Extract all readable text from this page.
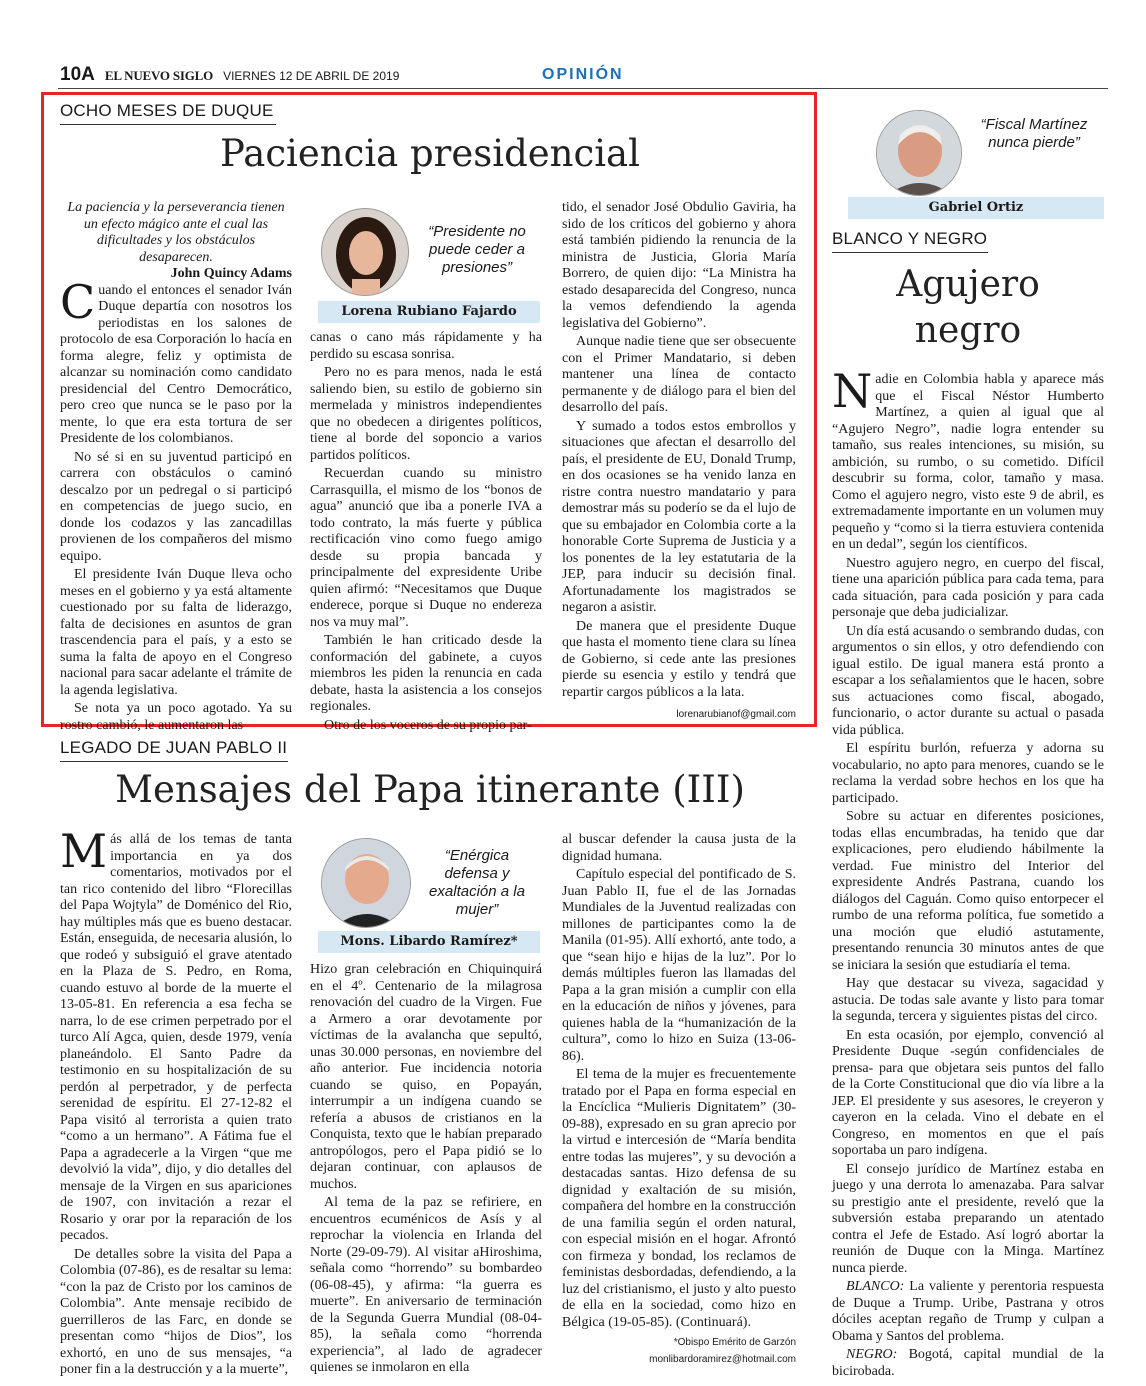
10A EL NUEVO SIGLO VIERNES 12 DE ABRIL DE 2019	OPINIÓN
OCHO MESES DE DUQUE
Paciencia presidencial
La paciencia y la perseverancia tienen un efecto mágico ante el cual las dificultades y los obstáculos desaparecen.
John Quincy Adams

Cuando el entonces el senador Iván Duque departía con nosotros los periodistas en los salones de protocolo de esa Corporación lo hacía en forma alegre, feliz y optimista de alcanzar su nominación como candidato presidencial del Centro Democrático, pero creo que nunca se le paso por la mente, lo que era esta tortura de ser Presidente de los colombianos.

No sé si en su juventud participó en carrera con obstáculos o caminó descalzo por un pedregal o si participó en competencias de juego sucio, en donde los codazos y las zancadillas provienen de los compañeros del mismo equipo.

El presidente Iván Duque lleva ocho meses en el gobierno y ya está altamente cuestionado por su falta de liderazgo, falta de decisiones en asuntos de gran trascendencia para el país, y a esto se suma la falta de apoyo en el Congreso nacional para sacar adelante el trámite de la agenda legislativa.

Se nota ya un poco agotado. Ya su rostro cambió, le aumentaron las

“Presidente no puede ceder a presiones”
Lorena Rubiano Fajardo

canas o cano más rápidamente y ha perdido su escasa sonrisa.

Pero no es para menos, nada le está saliendo bien, su estilo de gobierno sin mermelada y ministros independientes que no obedecen a dirigentes políticos, tiene al borde del soponcio a varios partidos políticos.

Recuerdan cuando su ministro Carrasquilla, el mismo de los “bonos de agua” anunció que iba a ponerle IVA a todo contrato, la más fuerte y pública rectificación vino como fuego amigo desde su propia bancada y principalmente del expresidente Uribe quien afirmó: “Necesitamos que Duque enderece, porque si Duque no endereza nos va muy mal”.

También le han criticado desde la conformación del gabinete, a cuyos miembros les piden la renuncia en cada debate, hasta la asistencia a los consejos regionales.

Otro de los voceros de su propio par-

tido, el senador José Obdulio Gaviria, ha sido de los críticos del gobierno y ahora está también pidiendo la renuncia de la ministra de Justicia, Gloria María Borrero, de quien dijo: “La Ministra ha estado desaparecida del Congreso, nunca la vemos defendiendo la agenda legislativa del Gobierno”.

Aunque nadie tiene que ser obsecuente con el Primer Mandatario, si deben mantener una línea de contacto permanente y de diálogo para el bien del desarrollo del país.

Y sumado a todos estos embrollos y situaciones que afectan el desarrollo del país, el presidente de EU, Donald Trump, en dos ocasiones se ha venido lanza en ristre contra nuestro mandatario y para demostrar más su poderío se da el lujo de que su embajador en Colombia corte a la honorable Corte Suprema de Justicia y a los ponentes de la ley estatutaria de la JEP, para inducir su decisión final. Afortunadamente los magistrados se negaron a asistir.

De manera que el presidente Duque que hasta el momento tiene clara su línea de Gobierno, si cede ante las presiones pierde su esencia y estilo y tendrá que repartir cargos públicos a la lata.

lorenarubianof@gmail.com
LEGADO DE JUAN PABLO II
Mensajes del Papa itinerante (III)

Más allá de los temas de tanta importancia en ya dos comentarios, motivados por el tan rico contenido del libro “Florecillas del Papa Wojtyla” de Doménico del Rio, hay múltiples más que es bueno destacar. Están, enseguida, de necesaria alusión, lo que rodeó y subsiguió el grave atentado en la Plaza de S. Pedro, en Roma, cuando estuvo al borde de la muerte el 13-05-81. En referencia a esa fecha se narra, lo de ese crimen perpetrado por el turco Alí Agca, quien, desde 1979, venía planeándolo. El Santo Padre da testimonio en su hospitalización de su perdón al perpetrador, y de perfecta serenidad de espíritu. El 27-12-82 el Papa visitó al terrorista a quien trato “como a un hermano”. A Fátima fue el Papa a agradecerle a la Virgen “que me devolvió la vida”, dijo, y dio detalles del mensaje de la Virgen en sus apariciones de 1907, con invitación a rezar el Rosario y orar por la reparación de los pecados.

De detalles sobre la visita del Papa a Colombia (07-86), es de resaltar su lema: “con la paz de Cristo por los caminos de Colombia”. Ante mensaje recibido de guerrilleros de las Farc, en donde se presentan como “hijos de Dios”, los exhortó, en uno de sus mensajes, “a poner fin a la destrucción y a la muerte”,

“Enérgica defensa y exaltación a la mujer”
Mons. Libardo Ramírez*

Hizo gran celebración en Chiquinquirá en el 4º. Centenario de la milagrosa renovación del cuadro de la Virgen. Fue a Armero a orar devotamente por víctimas de la avalancha que sepultó, unas 30.000 personas, en noviembre del año anterior. Fue incidencia notoria cuando se quiso, en Popayán, interrumpir a un indígena cuando se refería a abusos de cristianos en la Conquista, texto que le habían preparado antropólogos, pero el Papa pidió se lo dejaran continuar, con aplausos de muchos.

Al tema de la paz se refiriere, en encuentros ecuménicos de Asís y al reprochar la violencia en Irlanda del Norte (29-09-79). Al visitar aHiroshima, señala como “horrendo” su bombardeo (06-08-45), y afirma: “la guerra es muerte”. En aniversario de terminación de la Segunda Guerra Mundial (08-04-85), la señala como “horrenda experiencia”, al lado de agradecer quienes se inmolaron en ella

al buscar defender la causa justa de la dignidad humana.

Capítulo especial del pontificado de S. Juan Pablo II, fue el de las Jornadas Mundiales de la Juventud realizadas con millones de participantes como la de Manila (01-95). Allí exhortó, ante todo, a que “sean hijo e hijas de la luz”. Por lo demás múltiples fueron las llamadas del Papa a la gran misión a cumplir con ella en la educación de niños y jóvenes, para quienes habla de la “humanización de la cultura”, como lo hizo en Suiza (13-06-86).

El tema de la mujer es frecuentemente tratado por el Papa en forma especial en la Encíclica “Mulieris Dignitatem” (30-09-88), expresado en su gran aprecio por la virtud e intercesión de “María bendita entre todas las mujeres”, y su devoción a destacadas santas. Hizo defensa de su dignidad y exaltación de su misión, compañera del hombre en la construcción de una familia según el orden natural, con especial misión en el hogar. Afrontó con firmeza y bondad, los reclamos de feministas desbordadas, defendiendo, a la luz del cristianismo, el justo y alto puesto de ella en la sociedad, como hizo en Bélgica (19-05-85). (Continuará).

*Obispo Emérito de Garzón
monlibardoramirez@hotmail.com
“Fiscal Martínez nunca pierde”
Gabriel Ortiz
BLANCO Y NEGRO
Agujero
negro

Nadie en Colombia habla y aparece más que el Fiscal Néstor Humberto Martínez, a quien al igual que al “Agujero Negro”, nadie logra entender su tamaño, sus reales intenciones, su misión, su ambición, su rumbo, o su cometido. Difícil descubrir su forma, color, tamaño y masa. Como el agujero negro, visto este 9 de abril, es extremadamente importante en un volumen muy pequeño y “como si la tierra estuviera contenida en un dedal”, según los científicos.

Nuestro agujero negro, en cuerpo del fiscal, tiene una aparición pública para cada tema, para cada situación, para cada posición y para cada personaje que deba judicializar.

Un día está acusando o sembrando dudas, con argumentos o sin ellos, y otro defendiendo con igual estilo. De igual manera está pronto a escapar a los señalamientos que le hacen, sobre sus actuaciones como fiscal, abogado, funcionario, o actor durante su actual o pasada vida pública.

El espíritu burlón, refuerza y adorna su vocabulario, no apto para menores, cuando se le reclama la verdad sobre hechos en los que ha participado.

Sobre su actuar en diferentes posiciones, todas ellas encumbradas, ha tenido que dar explicaciones, pero eludiendo hábilmente la verdad. Fue ministro del Interior del expresidente Andrés Pastrana, cuando los diálogos del Caguán. Como quiso entorpecer el rumbo de una reforma política, fue sometido a una moción que eludió astutamente, presentando renuncia 30 minutos antes de que se iniciara la sesión que estudiaría el tema.

Hay que destacar su viveza, sagacidad y astucia. De todas sale avante y listo para tomar la segunda, tercera y siguientes pistas del circo.

En esta ocasión, por ejemplo, convenció al Presidente Duque -según confidenciales de prensa- para que objetara seis puntos del fallo de la Corte Constitucional que dio vía libre a la JEP. El presidente y sus asesores, le creyeron y cayeron en la celada. Vino el debate en el Congreso, en momentos en que el país soportaba un paro indígena.

El consejo jurídico de Martínez estaba en juego y una derrota lo amenazaba. Para salvar su prestigio ante el presidente, reveló que la subversión estaba preparando un atentado contra el Jefe de Estado. Así logró abortar la reunión de Duque con la Minga. Martínez nunca pierde.

BLANCO: La valiente y perentoria respuesta de Duque a Trump. Uribe, Pastrana y otros dóciles aceptan regaño de Trump y culpan a Obama y Santos del problema.

NEGRO: Bogotá, capital mundial de la bicirobada.
